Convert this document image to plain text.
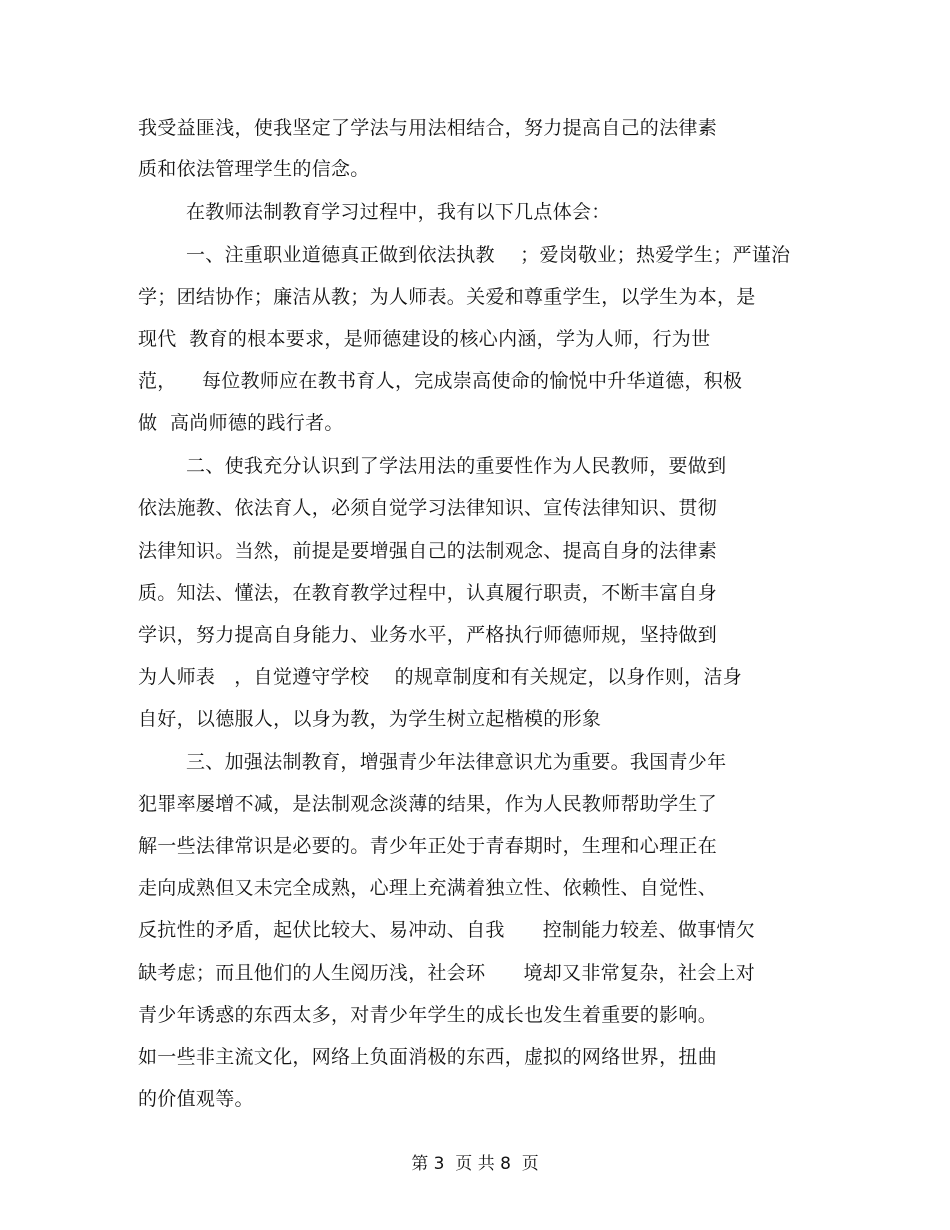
我受益匪浅，使我坚定了学法与用法相结合，努力提高自己的法律素
质和依法管理学生的信念。
在教师法制教育学习过程中，我有以下几点体会：
一、注重职业道德真正做到依法执教    ；爱岗敬业；热爱学生；严谨治
学；团结协作；廉洁从教；为人师表。关爱和尊重学生，以学生为本，是
现代  教育的根本要求，是师德建设的核心内涵，学为人师，行为世
范，    每位教师应在教书育人，完成崇高使命的愉悦中升华道德，积极
做  高尚师德的践行者。
二、使我充分认识到了学法用法的重要性作为人民教师，要做到
依法施教、依法育人，必须自觉学习法律知识、宣传法律知识、贯彻
法律知识。当然，前提是要增强自己的法制观念、提高自身的法律素
质。知法、懂法，在教育教学过程中，认真履行职责，不断丰富自身
学识，努力提高自身能力、业务水平，严格执行师德师规，坚持做到
为人师表   ，自觉遵守学校    的规章制度和有关规定，以身作则，洁身
自好，以德服人，以身为教，为学生树立起楷模的形象
三、加强法制教育，增强青少年法律意识尤为重要。我国青少年
犯罪率屡增不减，是法制观念淡薄的结果，作为人民教师帮助学生了
解一些法律常识是必要的。青少年正处于青春期时，生理和心理正在
走向成熟但又未完全成熟，心理上充满着独立性、依赖性、自觉性、
反抗性的矛盾，起伏比较大、易冲动、自我      控制能力较差、做事情欠
缺考虑；而且他们的人生阅历浅，社会环      境却又非常复杂，社会上对
青少年诱惑的东西太多，对青少年学生的成长也发生着重要的影响。
如一些非主流文化，网络上负面消极的东西，虚拟的网络世界，扭曲
的价值观等。
第 3  页 共 8  页
